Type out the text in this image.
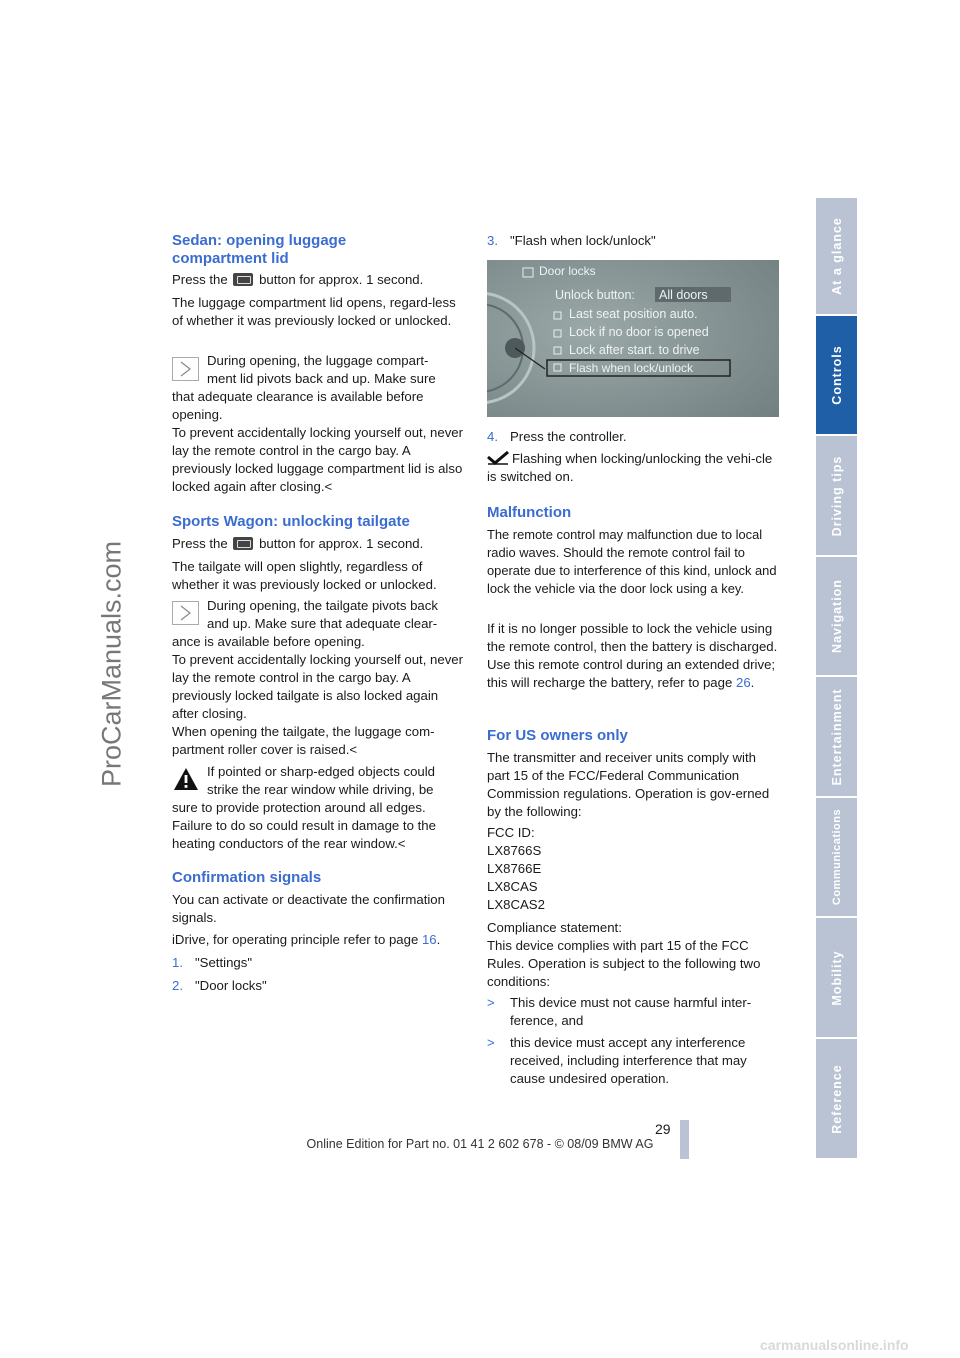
ProCarManuals.com
Sedan: opening luggage
compartment lid

Press the button for approx. 1 second.

The luggage compartment lid opens, regard-less of whether it was previously locked or unlocked.

During opening, the luggage compart-
ment lid pivots back and up. Make sure

that adequate clearance is available before opening.

To prevent accidentally locking yourself out, never lay the remote control in the cargo bay. A previously locked luggage compartment lid is also locked again after closing.<

Sports Wagon: unlocking tailgate

Press the button for approx. 1 second.

The tailgate will open slightly, regardless of whether it was previously locked or unlocked.

During opening, the tailgate pivots back
and up. Make sure that adequate clear-

ance is available before opening.

To prevent accidentally locking yourself out, never lay the remote control in the cargo bay. A previously locked tailgate is also locked again after closing.

When opening the tailgate, the luggage com-partment roller cover is raised.<

If pointed or sharp-edged objects could
strike the rear window while driving, be

sure to provide protection around all edges. Failure to do so could result in damage to the heating conductors of the rear window.<

Confirmation signals

You can activate or deactivate the confirmation signals.

iDrive, for operating principle refer to page 16.

1. "Settings"

2. "Door locks"

3. "Flash when lock/unlock"

Door locks
Unlock button: All doors
Last seat position auto.
Lock if no door is opened
Lock after start. to drive
Flash when lock/unlock

4. Press the controller.

Flashing when locking/unlocking the vehi-cle is switched on.

Malfunction

The remote control may malfunction due to local radio waves. Should the remote control fail to operate due to interference of this kind, unlock and lock the vehicle via the door lock using a key.

If it is no longer possible to lock the vehicle using the remote control, then the battery is discharged. Use this remote control during an extended drive; this will recharge the battery, refer to page 26.

For US owners only

The transmitter and receiver units comply with part 15 of the FCC/Federal Communication Commission regulations. Operation is gov-erned by the following:

FCC ID:

LX8766S

LX8766E

LX8CAS

LX8CAS2

Compliance statement:

This device complies with part 15 of the FCC Rules. Operation is subject to the following two conditions:

>	This device must not cause harmful inter-ference, and

>	this device must accept any interference received, including interference that may cause undesired operation.

At a glance
Controls
Driving tips
Navigation
Entertainment
Communications
Mobility
Reference
29
Online Edition for Part no. 01 41 2 602 678 - © 08/09 BMW AG
carmanualsonline.info
